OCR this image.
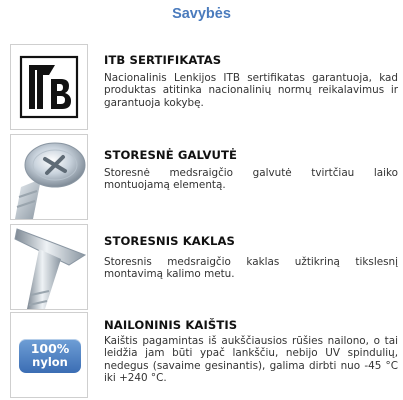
Savybės

ITB SERTIFIKATAS

Nacionalinis Lenkijos ITB sertifikatas garantuoja, kad produktas atitinka nacionalinių normų reikalavimus ir garantuoja kokybę.

STORESNĖ GALVUTĖ

Storesnė medsraigčio galvutė tvirtčiau laiko montuojamą elementą.

STORESNIS KAKLAS

Storesnis medsraigčio kaklas užtikriną tikslesnį montavimą kalimo metu.

100%
nylon

NAILONINIS KAIŠTIS

Kaištis pagamintas iš aukščiausios rūšies nailono, o tai leidžia jam būti ypač lankščiu, nebijo UV spindulių, nedegus (savaime gesinantis), galima dirbti nuo -45 °C iki +240 °C.
